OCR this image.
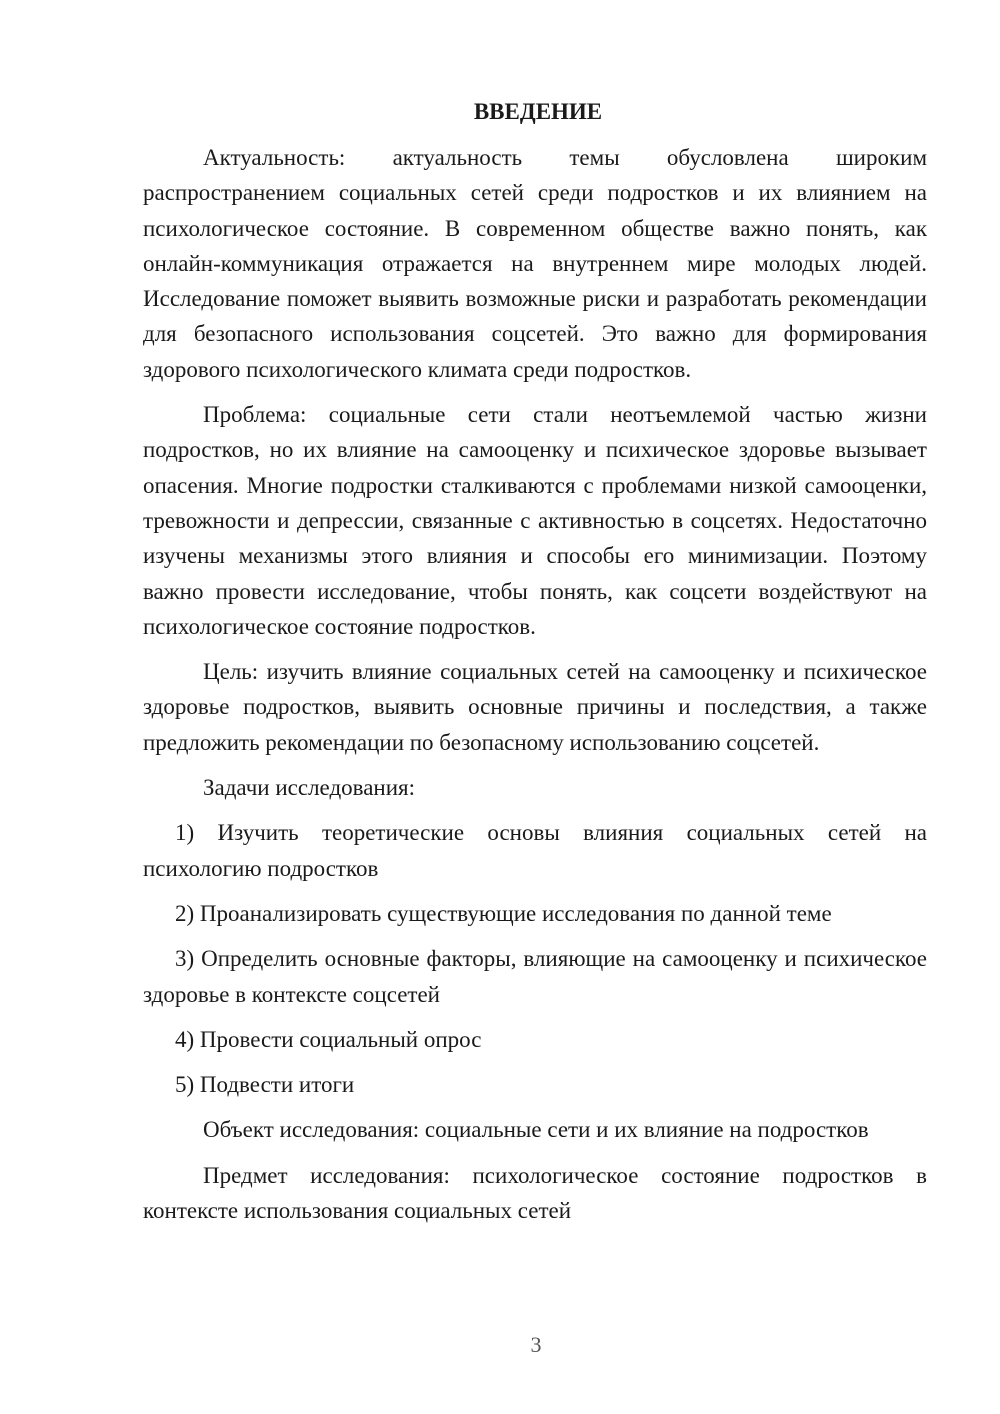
ВВЕДЕНИЕ

Актуальность: актуальность темы обусловлена широким распространением социальных сетей среди подростков и их влиянием на психологическое состояние. В современном обществе важно понять, как онлайн-коммуникация отражается на внутреннем мире молодых людей. Исследование поможет выявить возможные риски и разработать рекомендации для безопасного использования соцсетей. Это важно для формирования здорового психологического климата среди подростков.

Проблема: социальные сети стали неотъемлемой частью жизни подростков, но их влияние на самооценку и психическое здоровье вызывает опасения. Многие подростки сталкиваются с проблемами низкой самооценки, тревожности и депрессии, связанные с активностью в соцсетях. Недостаточно изучены механизмы этого влияния и способы его минимизации. Поэтому важно провести исследование, чтобы понять, как соцсети воздействуют на психологическое состояние подростков.

Цель: изучить влияние социальных сетей на самооценку и психическое здоровье подростков, выявить основные причины и последствия, а также предложить рекомендации по безопасному использованию соцсетей.

Задачи исследования:

1) Изучить теоретические основы влияния социальных сетей на психологию подростков

2) Проанализировать существующие исследования по данной теме

3) Определить основные факторы, влияющие на самооценку и психическое здоровье в контексте соцсетей

4) Провести социальный опрос

5) Подвести итоги

Объект исследования: социальные сети и их влияние на подростков

Предмет исследования: психологическое состояние подростков в контексте использования социальных сетей

3
